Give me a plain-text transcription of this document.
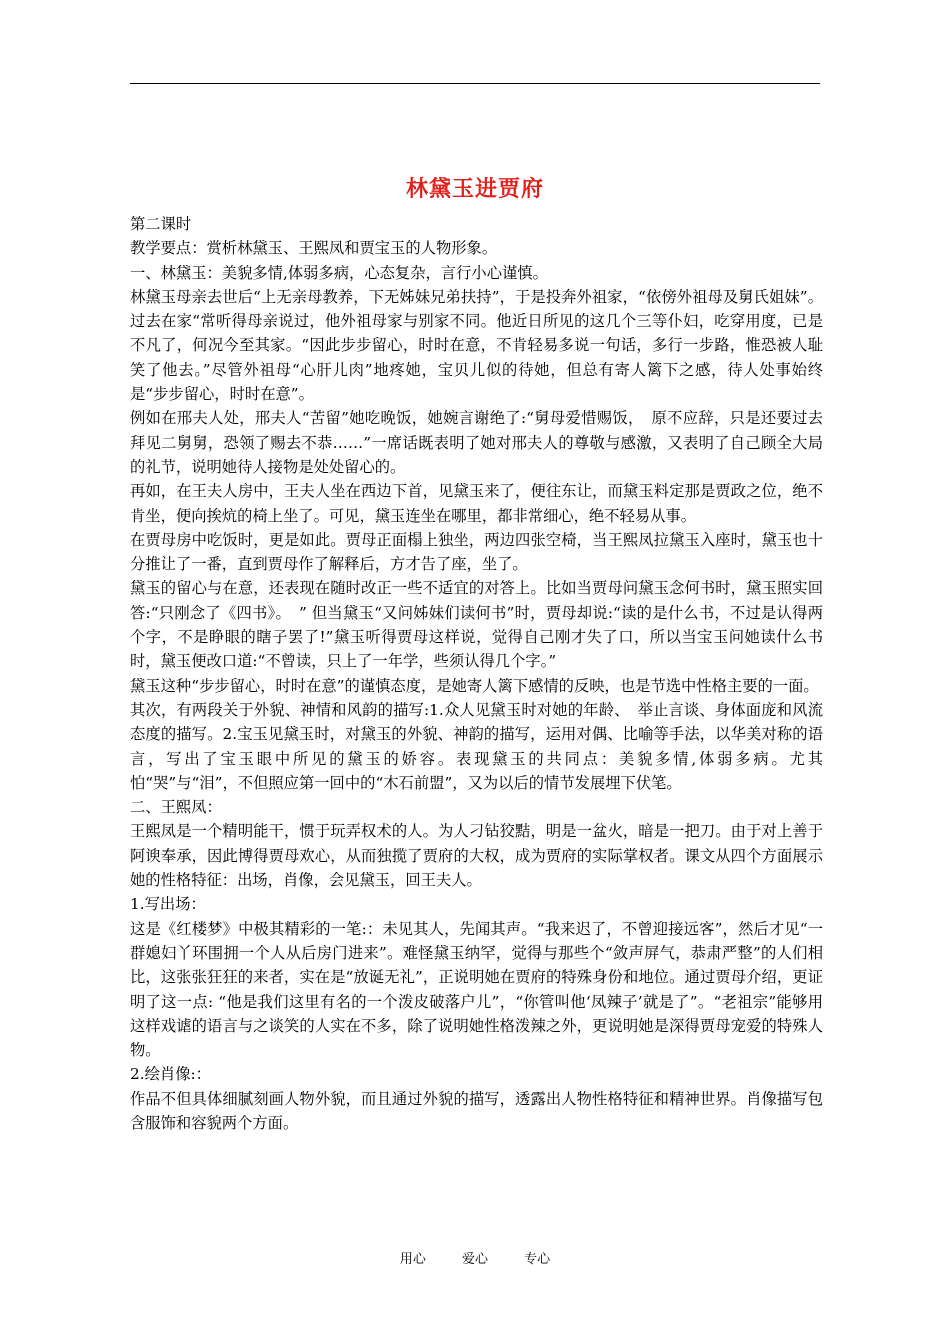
林黛玉进贾府

第二课时

教学要点：赏析林黛玉、王熙凤和贾宝玉的人物形象。

一、林黛玉：美貌多情,体弱多病，心态复杂，言行小心谨慎。

林黛玉母亲去世后“上无亲母教养，下无姊妹兄弟扶持”，于是投奔外祖家，“依傍外祖母及舅氏姐妹”。过去在家“常听得母亲说过，他外祖母家与别家不同。他近日所见的这几个三等仆妇，吃穿用度，已是不凡了，何况今至其家。“因此步步留心，时时在意，不肯轻易多说一句话，多行一步路，惟恐被人耻笑了他去。”尽管外祖母“心肝儿肉”地疼她，宝贝儿似的待她，但总有寄人篱下之感，待人处事始终是“步步留心，时时在意”。

例如在邢夫人处，邢夫人“苦留”她吃晚饭，她婉言谢绝了:“舅母爱惜赐饭，　原不应辞，只是还要过去拜见二舅舅，恐领了赐去不恭……”一席话既表明了她对邢夫人的尊敬与感激，又表明了自己顾全大局的礼节，说明她待人接物是处处留心的。

再如，在王夫人房中，王夫人坐在西边下首，见黛玉来了，便往东让，而黛玉料定那是贾政之位，绝不肯坐，便向挨炕的椅上坐了。可见，黛玉连坐在哪里，都非常细心，绝不轻易从事。

在贾母房中吃饭时，更是如此。贾母正面榻上独坐，两边四张空椅，当王熙凤拉黛玉入座时，黛玉也十分推让了一番，直到贾母作了解释后，方才告了座，坐了。

黛玉的留心与在意，还表现在随时改正一些不适宜的对答上。比如当贾母问黛玉念何书时，黛玉照实回答:“只刚念了《四书》。　” 但当黛玉“又问姊妹们读何书”时，贾母却说:“读的是什么书，不过是认得两个字，不是睁眼的瞎子罢了!”黛玉听得贾母这样说，觉得自己刚才失了口，所以当宝玉问她读什么书时，黛玉便改口道:“不曾读，只上了一年学，些须认得几个字。”

黛玉这种“步步留心，时时在意”的谨慎态度，是她寄人篱下感情的反映，也是节选中性格主要的一面。

其次，有两段关于外貌、神情和风韵的描写:1.众人见黛玉时对她的年龄、　举止言谈、身体面庞和风流态度的描写。2.宝玉见黛玉时，对黛玉的外貌、神韵的描写，运用对偶、比喻等手法，以华美对称的语言，写出了宝玉眼中所见的黛玉的娇容。表现黛玉的共同点：美貌多情,体弱多病。尤其怕“哭”与“泪”，不但照应第一回中的“木石前盟”，又为以后的情节发展埋下伏笔。

二、王熙凤：

王熙凤是一个精明能干，惯于玩弄权术的人。为人刁钻狡黠，明是一盆火，暗是一把刀。由于对上善于阿谀奉承，因此博得贾母欢心，从而独揽了贾府的大权，成为贾府的实际掌权者。课文从四个方面展示她的性格特征：出场，肖像，会见黛玉，回王夫人。

1.写出场：

这是《红楼梦》中极其精彩的一笔:：未见其人，先闻其声。“我来迟了，不曾迎接远客”，然后才见“一群媳妇丫环围拥一个人从后房门进来”。难怪黛玉纳罕，觉得与那些个“敛声屏气，恭肃严整”的人们相比，这张张狂狂的来者，实在是“放诞无礼”，正说明她在贾府的特殊身份和地位。通过贾母介绍，更证明了这一点: “他是我们这里有名的一个泼皮破落户儿”，“你管叫他‘凤辣子’就是了”。“老祖宗”能够用这样戏谑的语言与之谈笑的人实在不多，除了说明她性格泼辣之外，更说明她是深得贾母宠爱的特殊人物。

2.绘肖像:：

作品不但具体细腻刻画人物外貌，而且通过外貌的描写，透露出人物性格特征和精神世界。肖像描写包含服饰和容貌两个方面。

用心	爱心	专心
